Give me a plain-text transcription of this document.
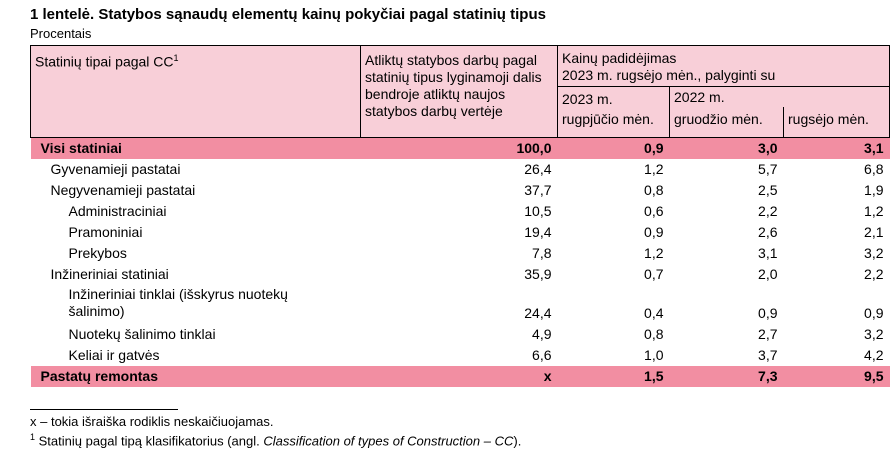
1 lentelė. Statybos sąnaudų elementų kainų pokyčiai pagal statinių tipus
Procentais
Statinių tipai pagal $CC^1$	Atliktų statybos darbų pagal statinių tipus lyginamoji dalis bendroje atliktų naujos statybos darbų vertėje	Kainų padidėjimas
2023 m. rugsėjo mėn., palyginti su		

		2023 m. rugpjūčio mėn.	2022 m.	
			gruodžio mėn.	rugsėjo mėn.
Visi statiniai	100,0	0,9	3,0	3,1
Gyvenamieji pastatai	26,4	1,2	5,7	6,8
Negyvenamieji pastatai	37,7	0,8	2,5	1,9
Administraciniai	10,5	0,6	2,2	1,2
Pramoniniai	19,4	0,9	2,6	2,1
Prekybos	7,8	1,2	3,1	3,2
Inžineriniai statiniai	35,9	0,7	2,0	2,2
Inžineriniai tinklai (išskyrus nuotekų šalinimo)	24,4	0,4	0,9	0,9
Nuotekų šalinimo tinklai	4,9	0,8	2,7	3,2
Keliai ir gatvės	6,6	1,0	3,7	4,2
Pastatų remontas	x	1,5	7,3	9,5
x – tokia išraiška rodiklis neskaičiuojamas.
$^1$ Statinių pagal tipą klasifikatorius (angl. Classification of types of Construction – CC).
